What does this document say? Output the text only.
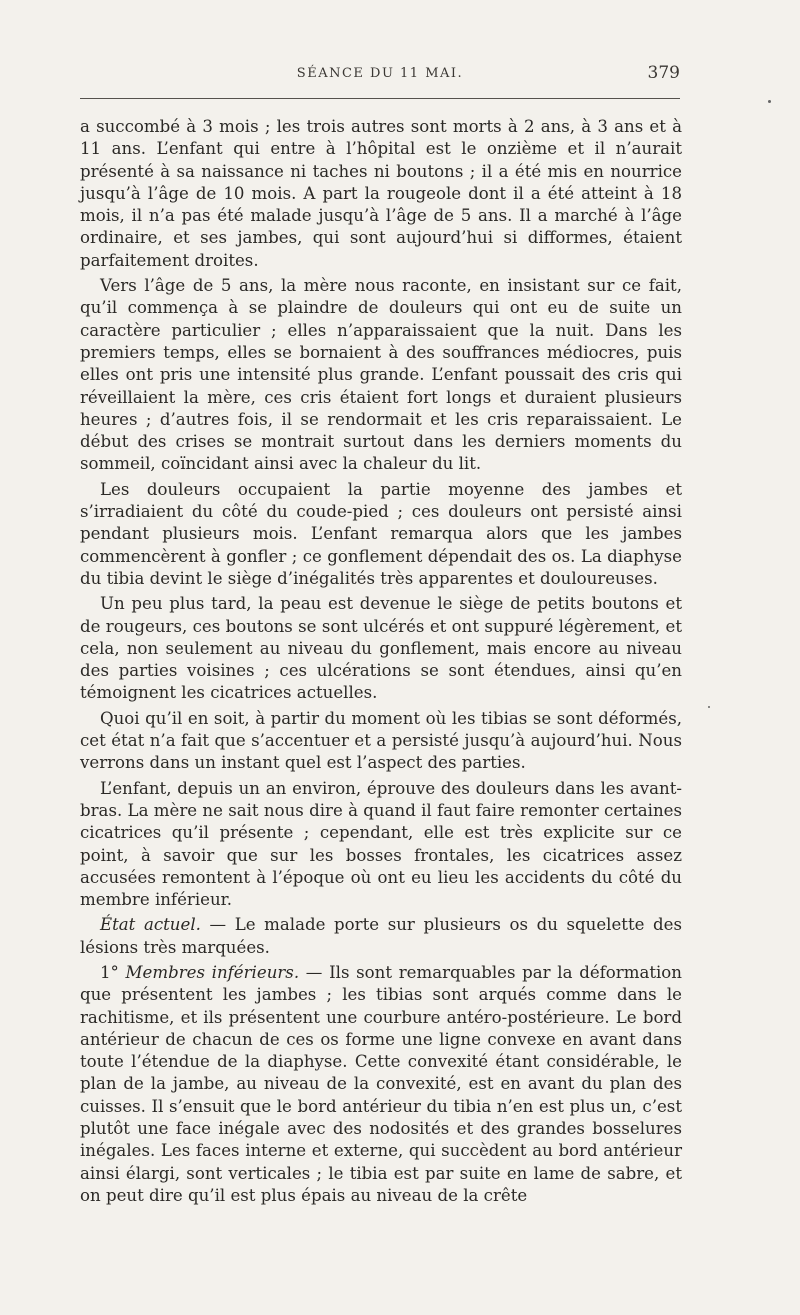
SÉANCE DU 11 MAI.	379

a succombé à 3 mois ; les trois autres sont morts à 2 ans, à 3 ans et à 11 ans. L’enfant qui entre à l’hôpital est le onzième et il n’aurait présenté à sa naissance ni taches ni boutons ; il a été mis en nourrice jusqu’à l’âge de 10 mois. A part la rougeole dont il a été atteint à 18 mois, il n’a pas été malade jusqu’à l’âge de 5 ans. Il a marché à l’âge ordinaire, et ses jambes, qui sont aujourd’hui si difformes, étaient parfaitement droites.

Vers l’âge de 5 ans, la mère nous raconte, en insistant sur ce fait, qu’il commença à se plaindre de douleurs qui ont eu de suite un caractère particulier ; elles n’apparaissaient que la nuit. Dans les premiers temps, elles se bornaient à des souffrances médiocres, puis elles ont pris une intensité plus grande. L’enfant poussait des cris qui réveillaient la mère, ces cris étaient fort longs et duraient plusieurs heures ; d’autres fois, il se rendormait et les cris reparaissaient. Le début des crises se montrait surtout dans les derniers moments du sommeil, coïncidant ainsi avec la chaleur du lit.

Les douleurs occupaient la partie moyenne des jambes et s’irradiaient du côté du coude-pied ; ces douleurs ont persisté ainsi pendant plusieurs mois. L’enfant remarqua alors que les jambes commencèrent à gonfler ; ce gonflement dépendait des os. La diaphyse du tibia devint le siège d’inégalités très apparentes et douloureuses.

Un peu plus tard, la peau est devenue le siège de petits boutons et de rougeurs, ces boutons se sont ulcérés et ont suppuré légèrement, et cela, non seulement au niveau du gonflement, mais encore au niveau des parties voisines ; ces ulcérations se sont étendues, ainsi qu’en témoignent les cicatrices actuelles.

Quoi qu’il en soit, à partir du moment où les tibias se sont déformés, cet état n’a fait que s’accentuer et a persisté jusqu’à aujourd’hui. Nous verrons dans un instant quel est l’aspect des parties.

L’enfant, depuis un an environ, éprouve des douleurs dans les avant-bras. La mère ne sait nous dire à quand il faut faire remonter certaines cicatrices qu’il présente ; cependant, elle est très explicite sur ce point, à savoir que sur les bosses frontales, les cicatrices assez accusées remontent à l’époque où ont eu lieu les accidents du côté du membre inférieur.

État actuel. — Le malade porte sur plusieurs os du squelette des lésions très marquées.

1° Membres inférieurs. — Ils sont remarquables par la déformation que présentent les jambes ; les tibias sont arqués comme dans le rachitisme, et ils présentent une courbure antéro-postérieure. Le bord antérieur de chacun de ces os forme une ligne convexe en avant dans toute l’étendue de la diaphyse. Cette convexité étant considérable, le plan de la jambe, au niveau de la convexité, est en avant du plan des cuisses. Il s’ensuit que le bord antérieur du tibia n’en est plus un, c’est plutôt une face inégale avec des nodosités et des grandes bosselures inégales. Les faces interne et externe, qui succèdent au bord antérieur ainsi élargi, sont verticales ; le tibia est par suite en lame de sabre, et on peut dire qu’il est plus épais au niveau de la crête
